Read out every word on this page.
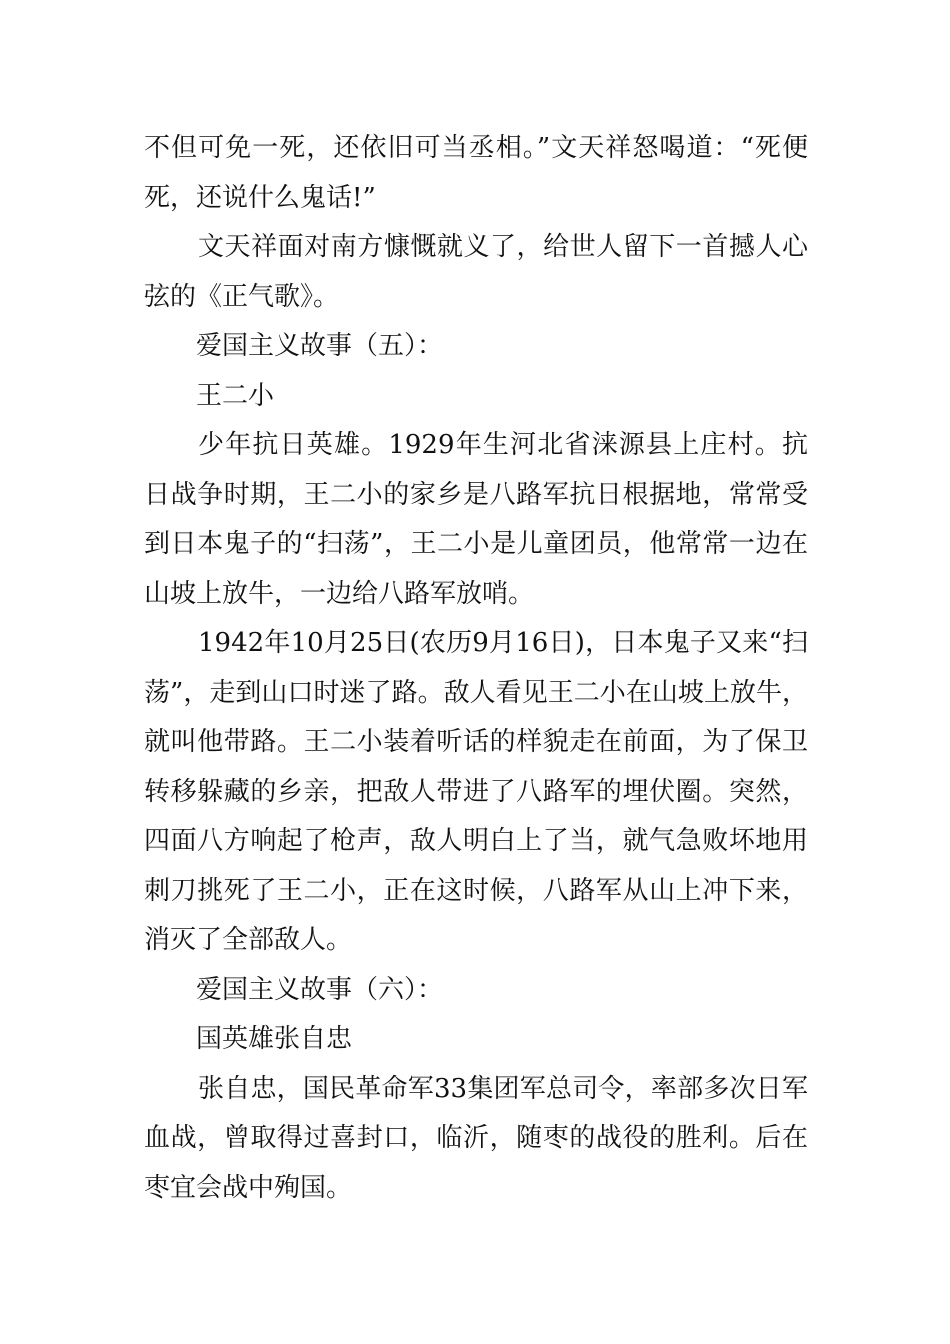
不但可免一死，还依旧可当丞相。”文天祥怒喝道：“死便死，还说什么鬼话!”

文天祥面对南方慷慨就义了，给世人留下一首撼人心弦的《正气歌》。

爱国主义故事（五）：

王二小

少年抗日英雄。1929年生河北省涞源县上庄村。抗日战争时期，王二小的家乡是八路军抗日根据地，常常受到日本鬼子的“扫荡”，王二小是儿童团员，他常常一边在山坡上放牛，一边给八路军放哨。

1942年10月25日(农历9月16日)，日本鬼子又来“扫荡”，走到山口时迷了路。敌人看见王二小在山坡上放牛，就叫他带路。王二小装着听话的样貌走在前面，为了保卫转移躲藏的乡亲，把敌人带进了八路军的埋伏圈。突然，四面八方响起了枪声，敌人明白上了当，就气急败坏地用刺刀挑死了王二小，正在这时候，八路军从山上冲下来，消灭了全部敌人。

爱国主义故事（六）：

国英雄张自忠

张自忠，国民革命军33集团军总司令，率部多次日军血战，曾取得过喜封口，临沂，随枣的战役的胜利。后在枣宜会战中殉国。
